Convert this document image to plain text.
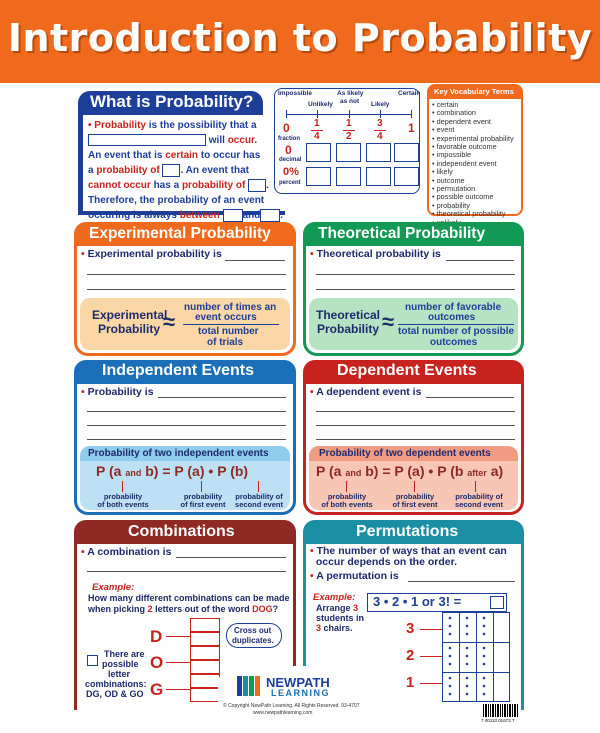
Introduction to Probability
What is Probability?
• Probability is the possibility that a
will occur.
An event that is certain to occur has
a probability of . An event that
cannot occur has a probability of .
Therefore, the probability of an event
occuring is always between and .
Impossible
Unlikely
As likely
as not Likely
Certain
0 1
4
1
2
3
4
1
fraction
0
decimal
0%
percent
Key Vocabulary Terms
• certain
• combination
• dependent event
• event
• experimental probability
• favorable outcome
• impossible
• independent event
• likely
• outcome
• permutation
• possible outcome
• probability
• theoretical probability
Experimental Probability
• Experimental probability is
Experimental
Probability ≈
number of times an
event occurs
total number
of trials
Theoretical Probability
• Theoretical probability is
Theoretical
Probability ≈
number of favorable
outcomes
total number of possible
outcomes
Independent Events
• Probability is
Probability of two independent events
P (a and b) = P (a) • P (b)
probability
of both events
probability
of first event
probability of
second event
Dependent Events
• A dependent event is
Probability of two dependent events
P (a and b) = P (a) • P (b after a)
probability
of both events
probability
of first event
probability of
second event
Combinations
• A combination is
Example:
How many different combinations can be made
when picking 2 letters out of the word DOG?
D
O
G
Cross out
duplicates.
There are
possible
letter
combinations:
DG, OD & GO
Permutations
• The number of ways that an event can
occur depends on the order.
• A permutation is
Example:
Arrange 3
students in
3 chairs.
3 • 2 • 1 or 3! =
3
2
1
NEWPATH
LEARNING
© Copyright NewPath Learning. All Rights Reserved. 93-4707
www.newpathlearning.com
7 40113 01673 7
